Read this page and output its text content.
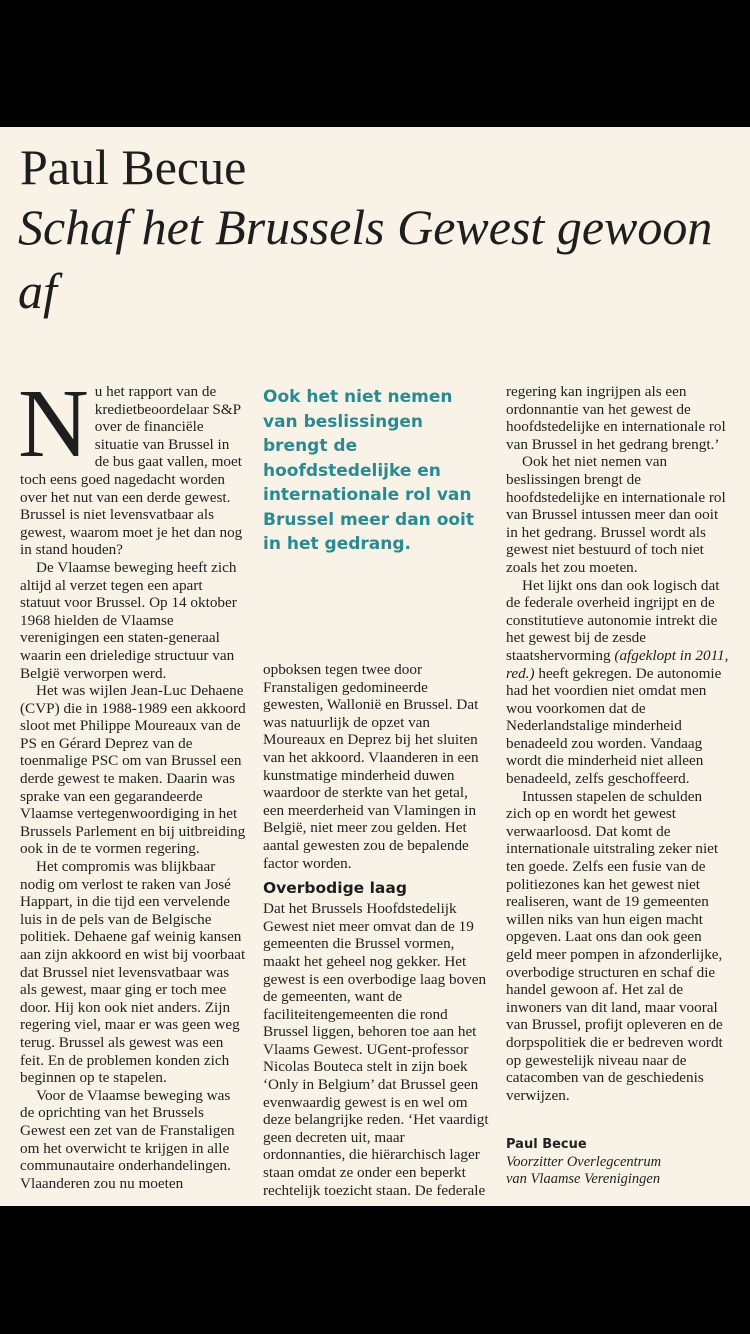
Paul Becue
Schaf het Brussels Gewest gewoon af

Nu het rapport van de kredietbeoordelaar S&P over de financiële situatie van Brussel in de bus gaat vallen, moet toch eens goed nagedacht worden over het nut van een derde gewest. Brussel is niet levensvatbaar als gewest, waarom moet je het dan nog in stand houden?

De Vlaamse beweging heeft zich altijd al verzet tegen een apart statuut voor Brussel. Op 14 oktober 1968 hielden de Vlaamse verenigingen een staten-generaal waarin een drieledige structuur van België verworpen werd.

Het was wijlen Jean-Luc Dehaene (CVP) die in 1988-1989 een akkoord sloot met Philippe Moureaux van de PS en Gérard Deprez van de toenmalige PSC om van Brussel een derde gewest te maken. Daarin was sprake van een gegarandeerde Vlaamse vertegenwoordiging in het Brussels Parlement en bij uitbreiding ook in de te vormen regering.

Het compromis was blijkbaar nodig om verlost te raken van José Happart, in die tijd een vervelende luis in de pels van de Belgische politiek. Dehaene gaf weinig kansen aan zijn akkoord en wist bij voorbaat dat Brussel niet levensvatbaar was als gewest, maar ging er toch mee door. Hij kon ook niet anders. Zijn regering viel, maar er was geen weg terug. Brussel als gewest was een feit. En de problemen konden zich beginnen op te stapelen.

Voor de Vlaamse beweging was de oprichting van het Brussels Gewest een zet van de Franstaligen om het overwicht te krijgen in alle communautaire onderhandelingen. Vlaanderen zou nu moeten

Ook het niet nemen van beslissingen brengt de hoofdstedelijke en internationale rol van Brussel meer dan ooit in het gedrang.

opboksen tegen twee door Franstaligen gedomineerde gewesten, Wallonië en Brussel. Dat was natuurlijk de opzet van Moureaux en Deprez bij het sluiten van het akkoord. Vlaanderen in een kunstmatige minderheid duwen waardoor de sterkte van het getal, een meerderheid van Vlamingen in België, niet meer zou gelden. Het aantal gewesten zou de bepalende factor worden.

Overbodige laag

Dat het Brussels Hoofdstedelijk Gewest niet meer omvat dan de 19 gemeenten die Brussel vormen, maakt het geheel nog gekker. Het gewest is een overbodige laag boven de gemeenten, want de faciliteitengemeenten die rond Brussel liggen, behoren toe aan het Vlaams Gewest. UGent-professor Nicolas Bouteca stelt in zijn boek ‘Only in Belgium’ dat Brussel geen evenwaardig gewest is en wel om deze belangrijke reden. ‘Het vaardigt geen decreten uit, maar ordonnanties, die hiërarchisch lager staan omdat ze onder een beperkt rechtelijk toezicht staan. De federale

regering kan ingrijpen als een ordonnantie van het gewest de hoofdstedelijke en internationale rol van Brussel in het gedrang brengt.’

Ook het niet nemen van beslissingen brengt de hoofdstedelijke en internationale rol van Brussel intussen meer dan ooit in het gedrang. Brussel wordt als gewest niet bestuurd of toch niet zoals het zou moeten.

Het lijkt ons dan ook logisch dat de federale overheid ingrijpt en de constitutieve autonomie intrekt die het gewest bij de zesde staatshervorming (afgeklopt in 2011, red.) heeft gekregen. De autonomie had het voordien niet omdat men wou voorkomen dat de Nederlandstalige minderheid benadeeld zou worden. Vandaag wordt die minderheid niet alleen benadeeld, zelfs geschoffeerd.

Intussen stapelen de schulden zich op en wordt het gewest verwaarloosd. Dat komt de internationale uitstraling zeker niet ten goede. Zelfs een fusie van de politiezones kan het gewest niet realiseren, want de 19 gemeenten willen niks van hun eigen macht opgeven. Laat ons dan ook geen geld meer pompen in afzonderlijke, overbodige structuren en schaf die handel gewoon af. Het zal de inwoners van dit land, maar vooral van Brussel, profijt opleveren en de dorpspolitiek die er bedreven wordt op gewestelijk niveau naar de catacomben van de geschiedenis verwijzen.

Paul Becue
Voorzitter Overlegcentrum
van Vlaamse Verenigingen
